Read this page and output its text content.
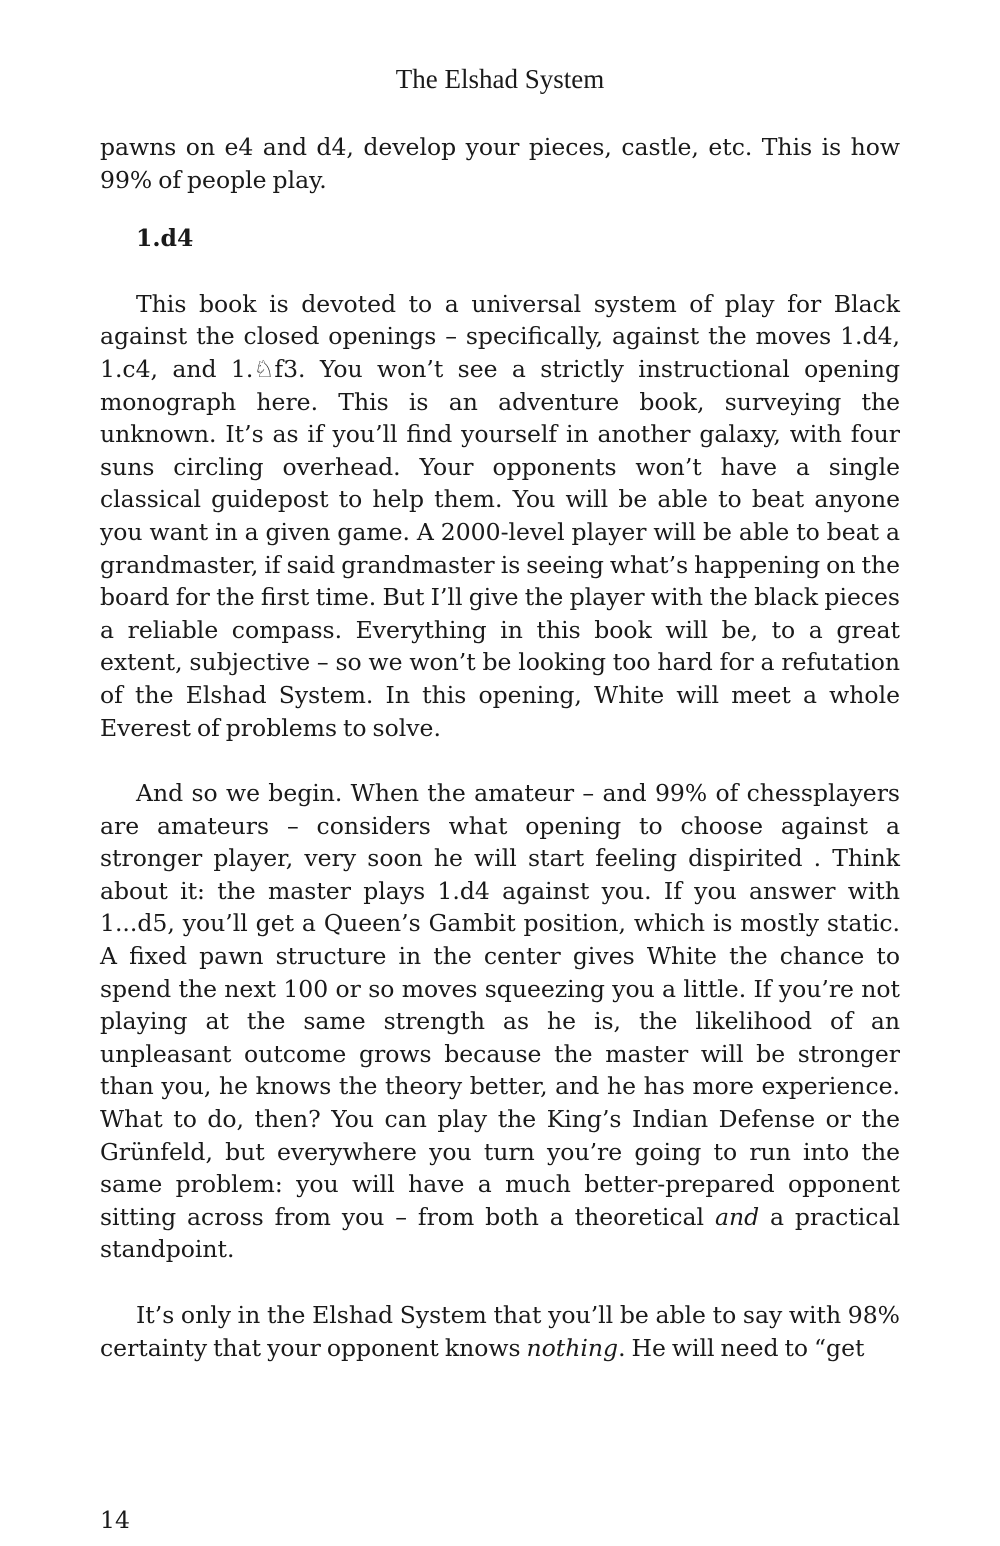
The Elshad System

pawns on e4 and d4, develop your pieces, castle, etc. This is how 99% of people play.

1.d4

This book is devoted to a universal system of play for Black against the closed openings – specifically, against the moves 1.d4, 1.c4, and 1.♘f3. You won’t see a strictly instructional opening monograph here. This is an adventure book, surveying the unknown. It’s as if you’ll find yourself in another galaxy, with four suns circling overhead. Your opponents won’t have a single classical guidepost to help them. You will be able to beat anyone you want in a given game. A 2000-level player will be able to beat a grandmaster, if said grandmaster is seeing what’s happening on the board for the first time. But I’ll give the player with the black pieces a reliable compass. Everything in this book will be, to a great extent, subjective – so we won’t be looking too hard for a refutation of the Elshad System. In this opening, White will meet a whole Everest of problems to solve.

And so we begin. When the amateur – and 99% of chessplayers are amateurs – considers what opening to choose against a stronger player, very soon he will start feeling dispirited . Think about it: the master plays 1.d4 against you. If you answer with 1...d5, you’ll get a Queen’s Gambit position, which is mostly static. A fixed pawn structure in the center gives White the chance to spend the next 100 or so moves squeezing you a little. If you’re not playing at the same strength as he is, the likelihood of an unpleasant outcome grows because the master will be stronger than you, he knows the theory better, and he has more experience. What to do, then? You can play the King’s Indian Defense or the Grünfeld, but everywhere you turn you’re going to run into the same problem: you will have a much better-prepared opponent sitting across from you – from both a theoretical and a practical standpoint.

It’s only in the Elshad System that you’ll be able to say with 98% certainty that your opponent knows nothing. He will need to “get

14
